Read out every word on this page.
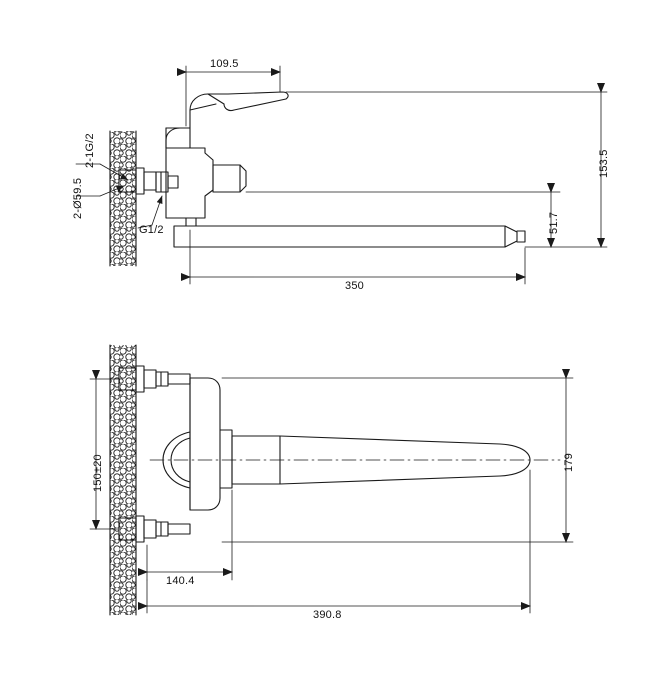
109.5
153.5
51.7
350
2-1G/2
2-Ø59.5
G1/2
150±20	179
140.4
390.8
